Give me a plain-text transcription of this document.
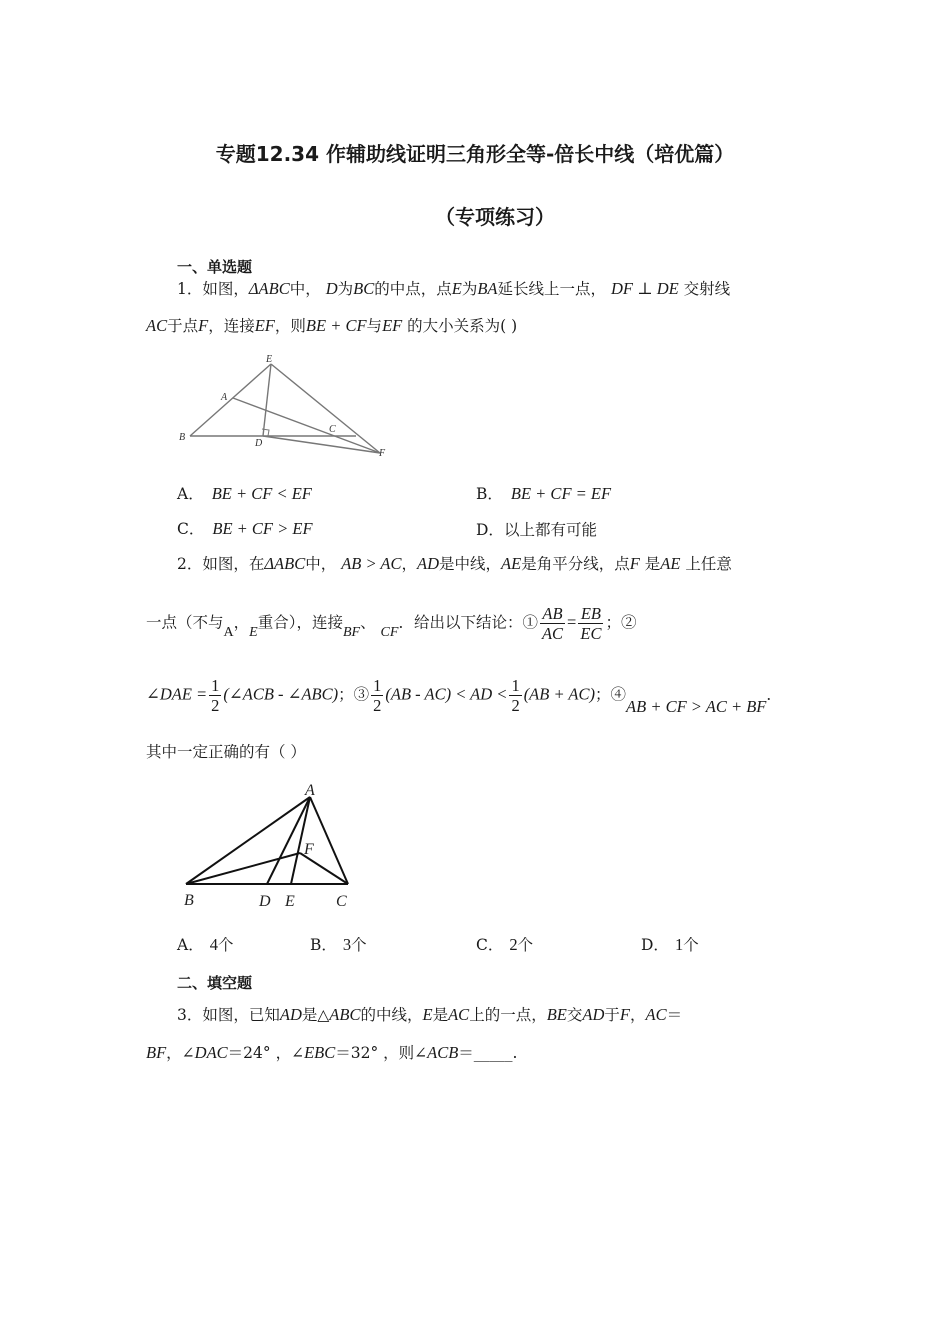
专题12.34 作辅助线证明三角形全等-倍长中线（培优篇）
（专项练习）
一、单选题
1．如图，ΔABC中， D为BC的中点，点E为BA延长线上一点， DF ⊥ DE 交射线
AC于点F，连接EF，则BE + CF与EF 的大小关系为( )
E
A
B
D
C
F
A． BE + CF < EF	B． BE + CF = EF
C． BE + CF > EF	D．以上都有可能
2．如图，在ΔABC中， AB > AC，AD是中线，AE是角平分线，点F 是AE 上任意
一点（不与A，E重合），连接BF、 CF．给出以下结论：① $\frac{AB}{AC} = \frac{EB}{EC}$ ；②
∠DAE = $\frac{1}{2}$ (∠ACB - ∠ABC)；③ $\frac{1}{2} (AB - AC)$ < AD < $\frac{1}{2} (AB + AC)$；④AB + CF > AC + BF．
其中一定正确的有（ ）
A
F
B	D E	C
A． 4个	B． 3个	C． 2个	D． 1个
二、填空题
3．如图，已知AD是△ABC的中线，E是AC上的一点，BE交AD于F，AC＝
BF，∠DAC＝24° ，∠EBC＝32° ，则∠ACB＝_____.
